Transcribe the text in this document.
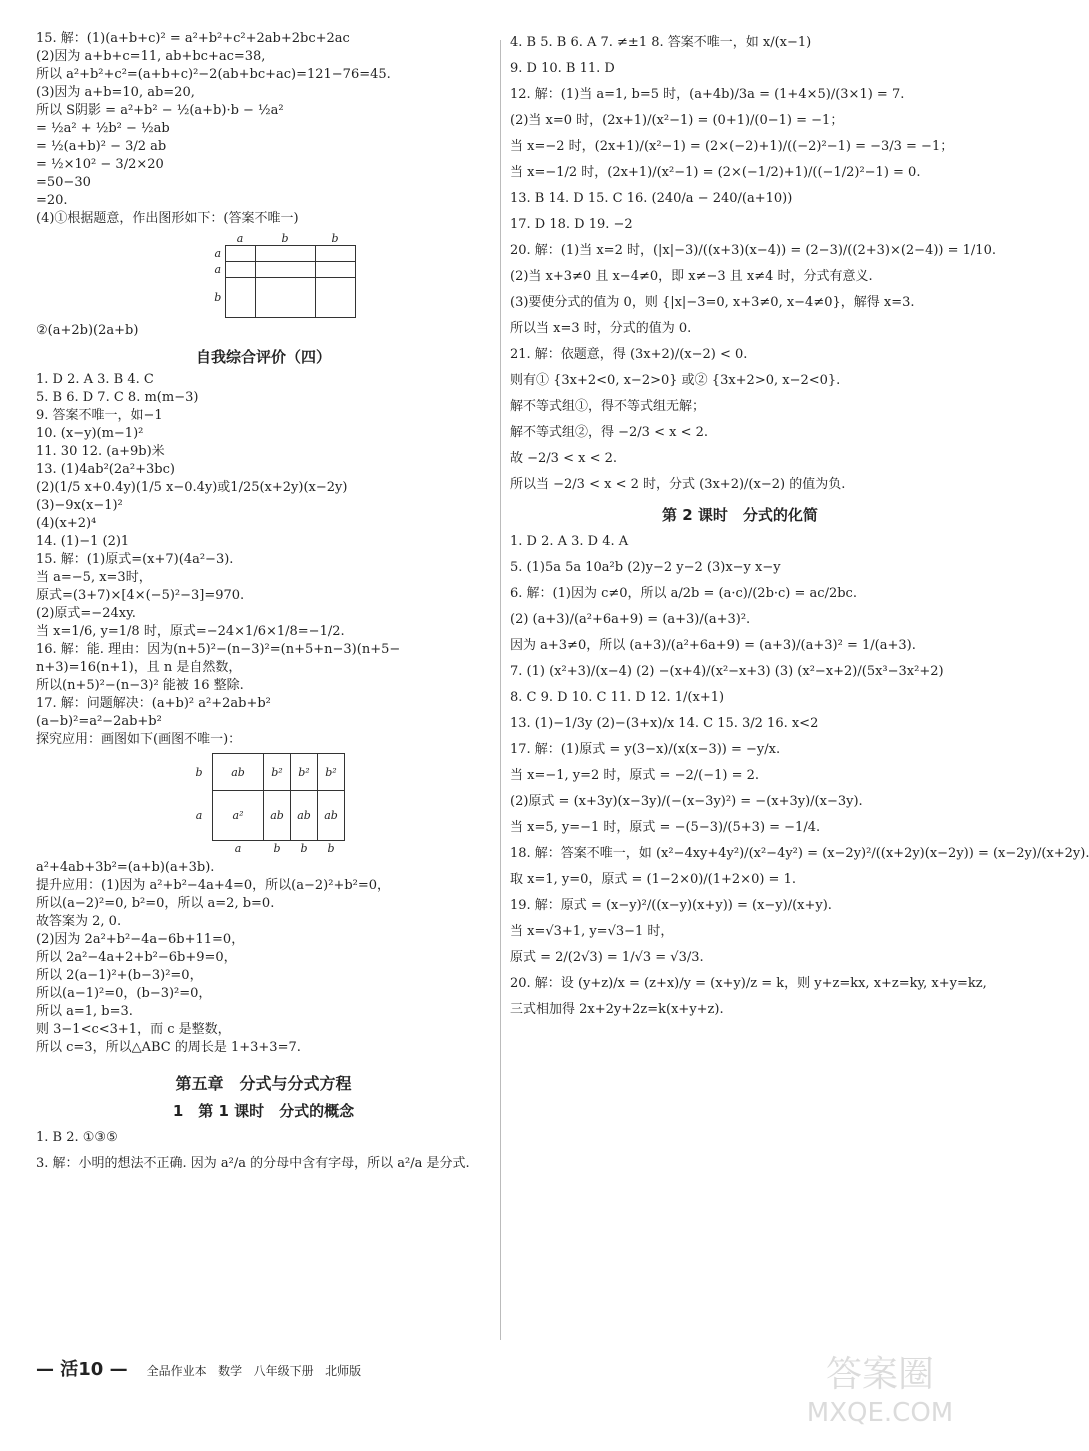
15. 解：(1)(a+b+c)² = a²+b²+c²+2ab+2bc+2ac

(2)因为 a+b+c=11, ab+bc+ac=38,

所以 a²+b²+c²=(a+b+c)²−2(ab+bc+ac)=121−76=45.

(3)因为 a+b=10, ab=20,

所以 S阴影 = a²+b² − ½(a+b)·b − ½a²

= ½a² + ½b² − ½ab

= ½(a+b)² − 3/2 ab

= ½×10² − 3/2×20

=50−30

=20.

(4)①根据题意，作出图形如下：(答案不唯一)

	a	b	b
a			
a			
b			

②(a+2b)(2a+b)

自我综合评价（四）

1. D 2. A 3. B 4. C

5. B 6. D 7. C 8. m(m−3)

9. 答案不唯一，如−1

10. (x−y)(m−1)²

11. 30 12. (a+9b)米

13. (1)4ab²(2a²+3bc)

(2)(1/5 x+0.4y)(1/5 x−0.4y)或1/25(x+2y)(x−2y)

(3)−9x(x−1)²

(4)(x+2)⁴

14. (1)−1 (2)1

15. 解：(1)原式=(x+7)(4a²−3).

当 a=−5, x=3时，

原式=(3+7)×[4×(−5)²−3]=970.

(2)原式=−24xy.

当 x=1/6, y=1/8 时，原式=−24×1/6×1/8=−1/2.

16. 解：能. 理由：因为(n+5)²−(n−3)²=(n+5+n−3)(n+5−

n+3)=16(n+1)，且 n 是自然数，

所以(n+5)²−(n−3)² 能被 16 整除.

17. 解：问题解决：(a+b)² a²+2ab+b²

(a−b)²=a²−2ab+b²

探究应用：画图如下(画图不唯一)：

b	ab	b²	b²	b²
a	a²	ab	ab	ab
	a	b	b	b

a²+4ab+3b²=(a+b)(a+3b).

提升应用：(1)因为 a²+b²−4a+4=0，所以(a−2)²+b²=0，

所以(a−2)²=0, b²=0，所以 a=2, b=0.

故答案为 2, 0.

(2)因为 2a²+b²−4a−6b+11=0，

所以 2a²−4a+2+b²−6b+9=0，

所以 2(a−1)²+(b−3)²=0，

所以(a−1)²=0，(b−3)²=0，

所以 a=1, b=3.

则 3−1<c<3+1，而 c 是整数，

所以 c=3，所以△ABC 的周长是 1+3+3=7.

第五章　分式与分式方程
1　第 1 课时　分式的概念

1. B 2. ①③⑤

3. 解：小明的想法不正确. 因为 a²/a 的分母中含有字母，所以 a²/a 是分式.

4. B 5. B 6. A 7. ≠±1 8. 答案不唯一，如 x/(x−1)

9. D 10. B 11. D

12. 解：(1)当 a=1, b=5 时，(a+4b)/3a = (1+4×5)/(3×1) = 7.

(2)当 x=0 时，(2x+1)/(x²−1) = (0+1)/(0−1) = −1；

当 x=−2 时，(2x+1)/(x²−1) = (2×(−2)+1)/((−2)²−1) = −3/3 = −1；

当 x=−1/2 时，(2x+1)/(x²−1) = (2×(−1/2)+1)/((−1/2)²−1) = 0.

13. B 14. D 15. C 16. (240/a − 240/(a+10))

17. D 18. D 19. −2

20. 解：(1)当 x=2 时，(|x|−3)/((x+3)(x−4)) = (2−3)/((2+3)×(2−4)) = 1/10.

(2)当 x+3≠0 且 x−4≠0，即 x≠−3 且 x≠4 时，分式有意义.

(3)要使分式的值为 0，则 {|x|−3=0, x+3≠0, x−4≠0}，解得 x=3.

所以当 x=3 时，分式的值为 0.

21. 解：依题意，得 (3x+2)/(x−2) < 0.

则有① {3x+2<0, x−2>0} 或② {3x+2>0, x−2<0}.

解不等式组①，得不等式组无解；

解不等式组②，得 −2/3 < x < 2.

故 −2/3 < x < 2.

所以当 −2/3 < x < 2 时，分式 (3x+2)/(x−2) 的值为负.

第 2 课时　分式的化简

1. D 2. A 3. D 4. A

5. (1)5a 5a 10a²b (2)y−2 y−2 (3)x−y x−y

6. 解：(1)因为 c≠0，所以 a/2b = (a·c)/(2b·c) = ac/2bc.

(2) (a+3)/(a²+6a+9) = (a+3)/(a+3)².

因为 a+3≠0，所以 (a+3)/(a²+6a+9) = (a+3)/(a+3)² = 1/(a+3).

7. (1) (x²+3)/(x−4) (2) −(x+4)/(x²−x+3) (3) (x²−x+2)/(5x³−3x²+2)

8. C 9. D 10. C 11. D 12. 1/(x+1)

13. (1)−1/3y (2)−(3+x)/x 14. C 15. 3/2 16. x<2

17. 解：(1)原式 = y(3−x)/(x(x−3)) = −y/x.

当 x=−1, y=2 时，原式 = −2/(−1) = 2.

(2)原式 = (x+3y)(x−3y)/(−(x−3y)²) = −(x+3y)/(x−3y).

当 x=5, y=−1 时，原式 = −(5−3)/(5+3) = −1/4.

18. 解：答案不唯一，如 (x²−4xy+4y²)/(x²−4y²) = (x−2y)²/((x+2y)(x−2y)) = (x−2y)/(x+2y).

取 x=1, y=0，原式 = (1−2×0)/(1+2×0) = 1.

19. 解：原式 = (x−y)²/((x−y)(x+y)) = (x−y)/(x+y).

当 x=√3+1, y=√3−1 时，

原式 = 2/(2√3) = 1/√3 = √3/3.

20. 解：设 (y+z)/x = (z+x)/y = (x+y)/z = k，则 y+z=kx, x+z=ky, x+y=kz,

三式相加得 2x+2y+2z=k(x+y+z).

— 活10 — 全品作业本 数学 八年级下册 北师版	答案圈
MXQE.COM
